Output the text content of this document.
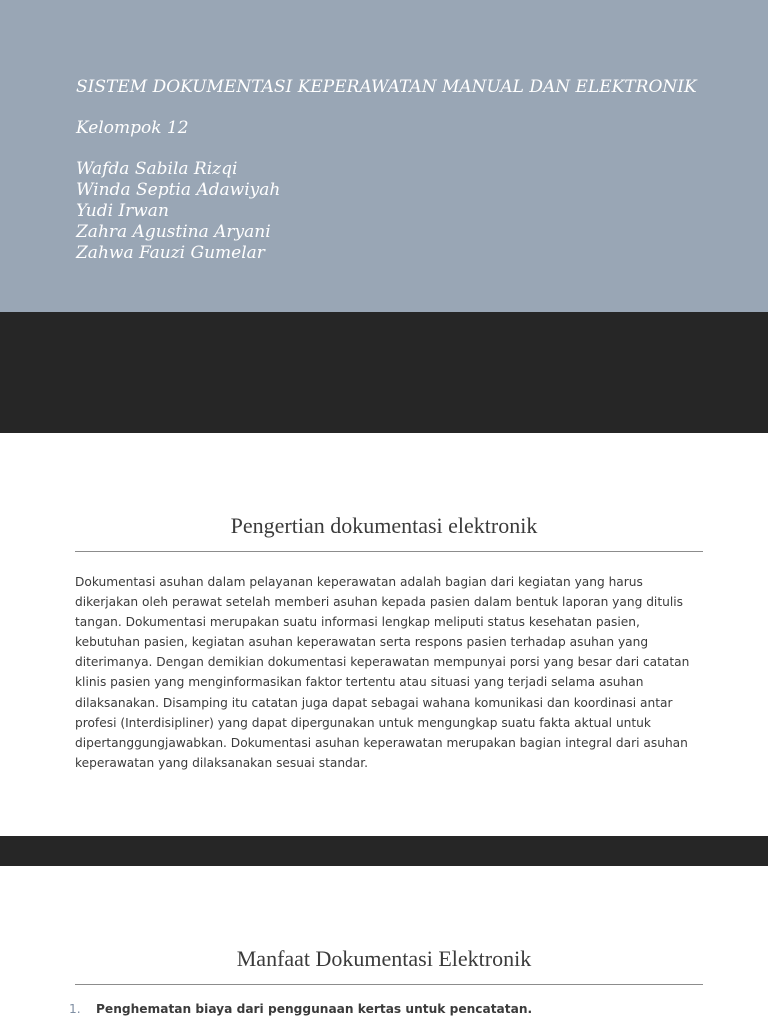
SISTEM DOKUMENTASI KEPERAWATAN MANUAL DAN ELEKTRONIK
Kelompok 12
Wafda Sabila Rizqi
Winda Septia Adawiyah
Yudi Irwan
Zahra Agustina Aryani
Zahwa Fauzi Gumelar
Pengertian dokumentasi elektronik

Dokumentasi asuhan dalam pelayanan keperawatan adalah bagian dari kegiatan yang harus dikerjakan oleh perawat setelah memberi asuhan kepada pasien dalam bentuk laporan yang ditulis tangan. Dokumentasi merupakan suatu informasi lengkap meliputi status kesehatan pasien, kebutuhan pasien, kegiatan asuhan keperawatan serta respons pasien terhadap asuhan yang diterimanya. Dengan demikian dokumentasi keperawatan mempunyai porsi yang besar dari catatan klinis pasien yang menginformasikan faktor tertentu atau situasi yang terjadi selama asuhan dilaksanakan. Disamping itu catatan juga dapat sebagai wahana komunikasi dan koordinasi antar profesi (Interdisipliner) yang dapat dipergunakan untuk mengungkap suatu fakta aktual untuk dipertanggungjawabkan. Dokumentasi asuhan keperawatan merupakan bagian integral dari asuhan keperawatan yang dilaksanakan sesuai standar.

Manfaat Dokumentasi Elektronik
1.	Penghematan biaya dari penggunaan kertas untuk pencatatan.
